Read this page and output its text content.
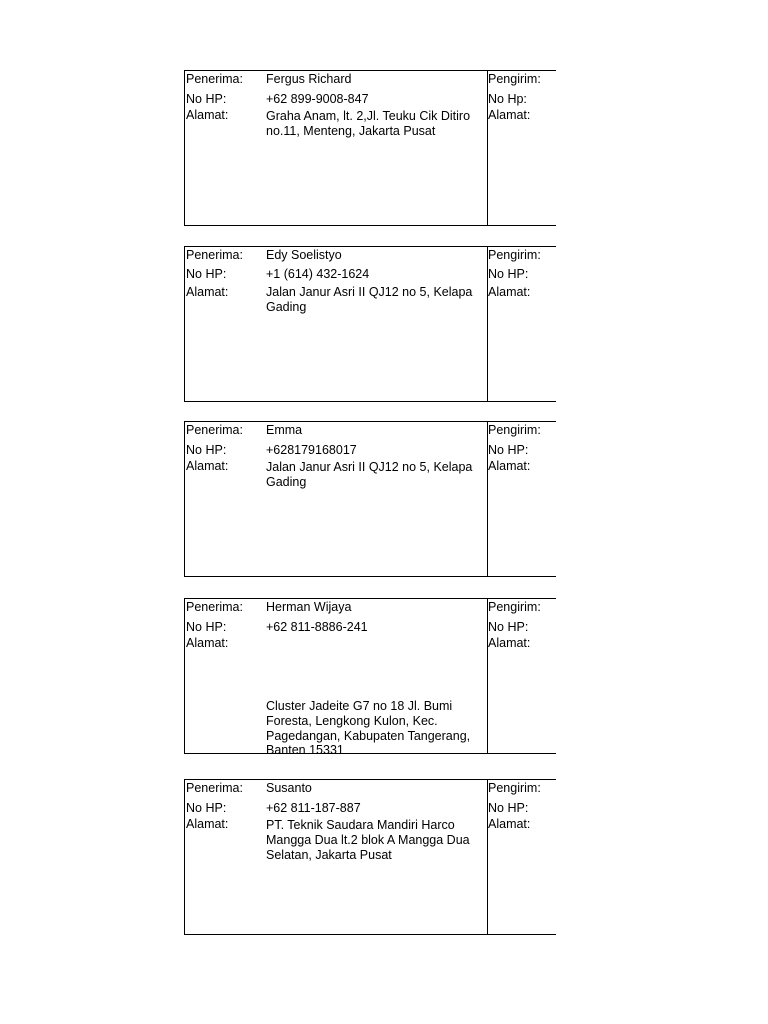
Penerima: Fergus Richard
No HP:	+62 899-9008-847
Alamat:	Graha Anam, lt. 2,Jl. Teuku Cik Ditiro no.11, Menteng, Jakarta Pusat
Pengirim:
No Hp:
Alamat:
Penerima: Edy Soelistyo
No HP:	+1 (614) 432-1624
Alamat:	Jalan Janur Asri II QJ12 no 5, Kelapa Gading
Pengirim:
No HP:
Alamat:
Penerima: Emma
No HP:	+628179168017
Alamat:	Jalan Janur Asri II QJ12 no 5, Kelapa Gading
Pengirim:
No HP:
Alamat:
Penerima: Herman Wijaya
No HP:	+62 811-8886-241
Alamat:
Cluster Jadeite G7 no 18 Jl. Bumi Foresta, Lengkong Kulon, Kec. Pagedangan, Kabupaten Tangerang, Banten 15331
Pengirim:
No HP:
Alamat:
Penerima: Susanto
No HP:	+62 811-187-887
Alamat:	PT. Teknik Saudara Mandiri Harco Mangga Dua lt.2 blok A Mangga Dua Selatan, Jakarta Pusat
Pengirim:
No HP:
Alamat:
